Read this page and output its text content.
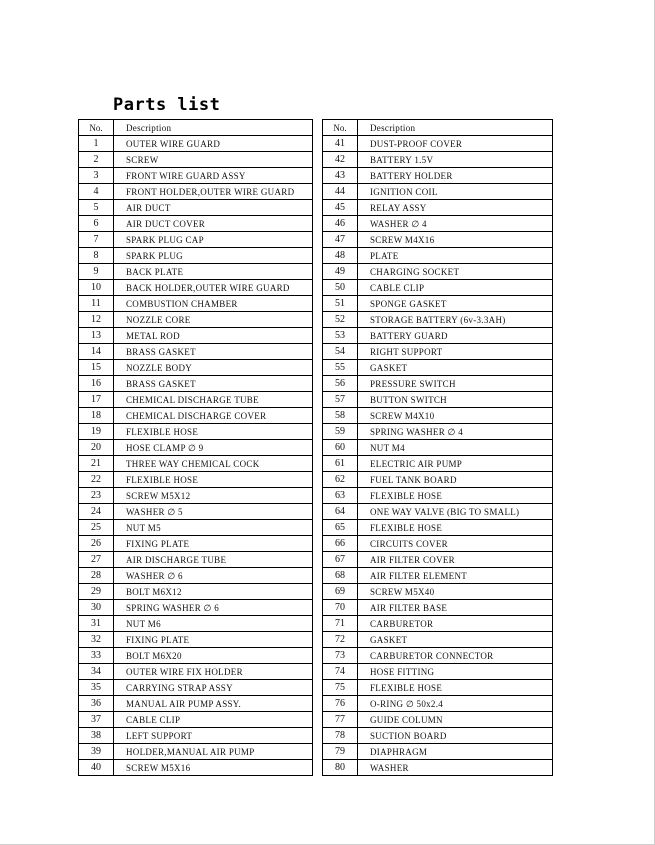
Parts list
No.	Description
1	OUTER WIRE GUARD
2	SCREW
3	FRONT WIRE GUARD ASSY
4	FRONT HOLDER,OUTER WIRE GUARD
5	AIR DUCT
6	AIR DUCT COVER
7	SPARK PLUG CAP
8	SPARK PLUG
9	BACK PLATE
10	BACK HOLDER,OUTER WIRE GUARD
11	COMBUSTION CHAMBER
12	NOZZLE CORE
13	METAL ROD
14	BRASS GASKET
15	NOZZLE BODY
16	BRASS GASKET
17	CHEMICAL DISCHARGE TUBE
18	CHEMICAL DISCHARGE COVER
19	FLEXIBLE HOSE
20	HOSE CLAMP ∅ 9
21	THREE WAY CHEMICAL COCK
22	FLEXIBLE HOSE
23	SCREW M5X12
24	WASHER ∅ 5
25	NUT M5
26	FIXING PLATE
27	AIR DISCHARGE TUBE
28	WASHER ∅ 6
29	BOLT M6X12
30	SPRING WASHER ∅ 6
31	NUT M6
32	FIXING PLATE
33	BOLT M6X20
34	OUTER WIRE FIX HOLDER
35	CARRYING STRAP ASSY
36	MANUAL AIR PUMP ASSY.
37	CABLE CLIP
38	LEFT SUPPORT
39	HOLDER,MANUAL AIR PUMP
40	SCREW M5X16
No.	Description
41	DUST-PROOF COVER
42	BATTERY 1.5V
43	BATTERY HOLDER
44	IGNITION COIL
45	RELAY ASSY
46	WASHER ∅ 4
47	SCREW M4X16
48	PLATE
49	CHARGING SOCKET
50	CABLE CLIP
51	SPONGE GASKET
52	STORAGE BATTERY (6v-3.3AH)
53	BATTERY GUARD
54	RIGHT SUPPORT
55	GASKET
56	PRESSURE SWITCH
57	BUTTON SWITCH
58	SCREW M4X10
59	SPRING WASHER ∅ 4
60	NUT M4
61	ELECTRIC AIR PUMP
62	FUEL TANK BOARD
63	FLEXIBLE HOSE
64	ONE WAY VALVE (BIG TO SMALL)
65	FLEXIBLE HOSE
66	CIRCUITS COVER
67	AIR FILTER COVER
68	AIR FILTER ELEMENT
69	SCREW M5X40
70	AIR FILTER BASE
71	CARBURETOR
72	GASKET
73	CARBURETOR CONNECTOR
74	HOSE FITTING
75	FLEXIBLE HOSE
76	O-RING ∅ 50x2.4
77	GUIDE COLUMN
78	SUCTION BOARD
79	DIAPHRAGM
80	WASHER
